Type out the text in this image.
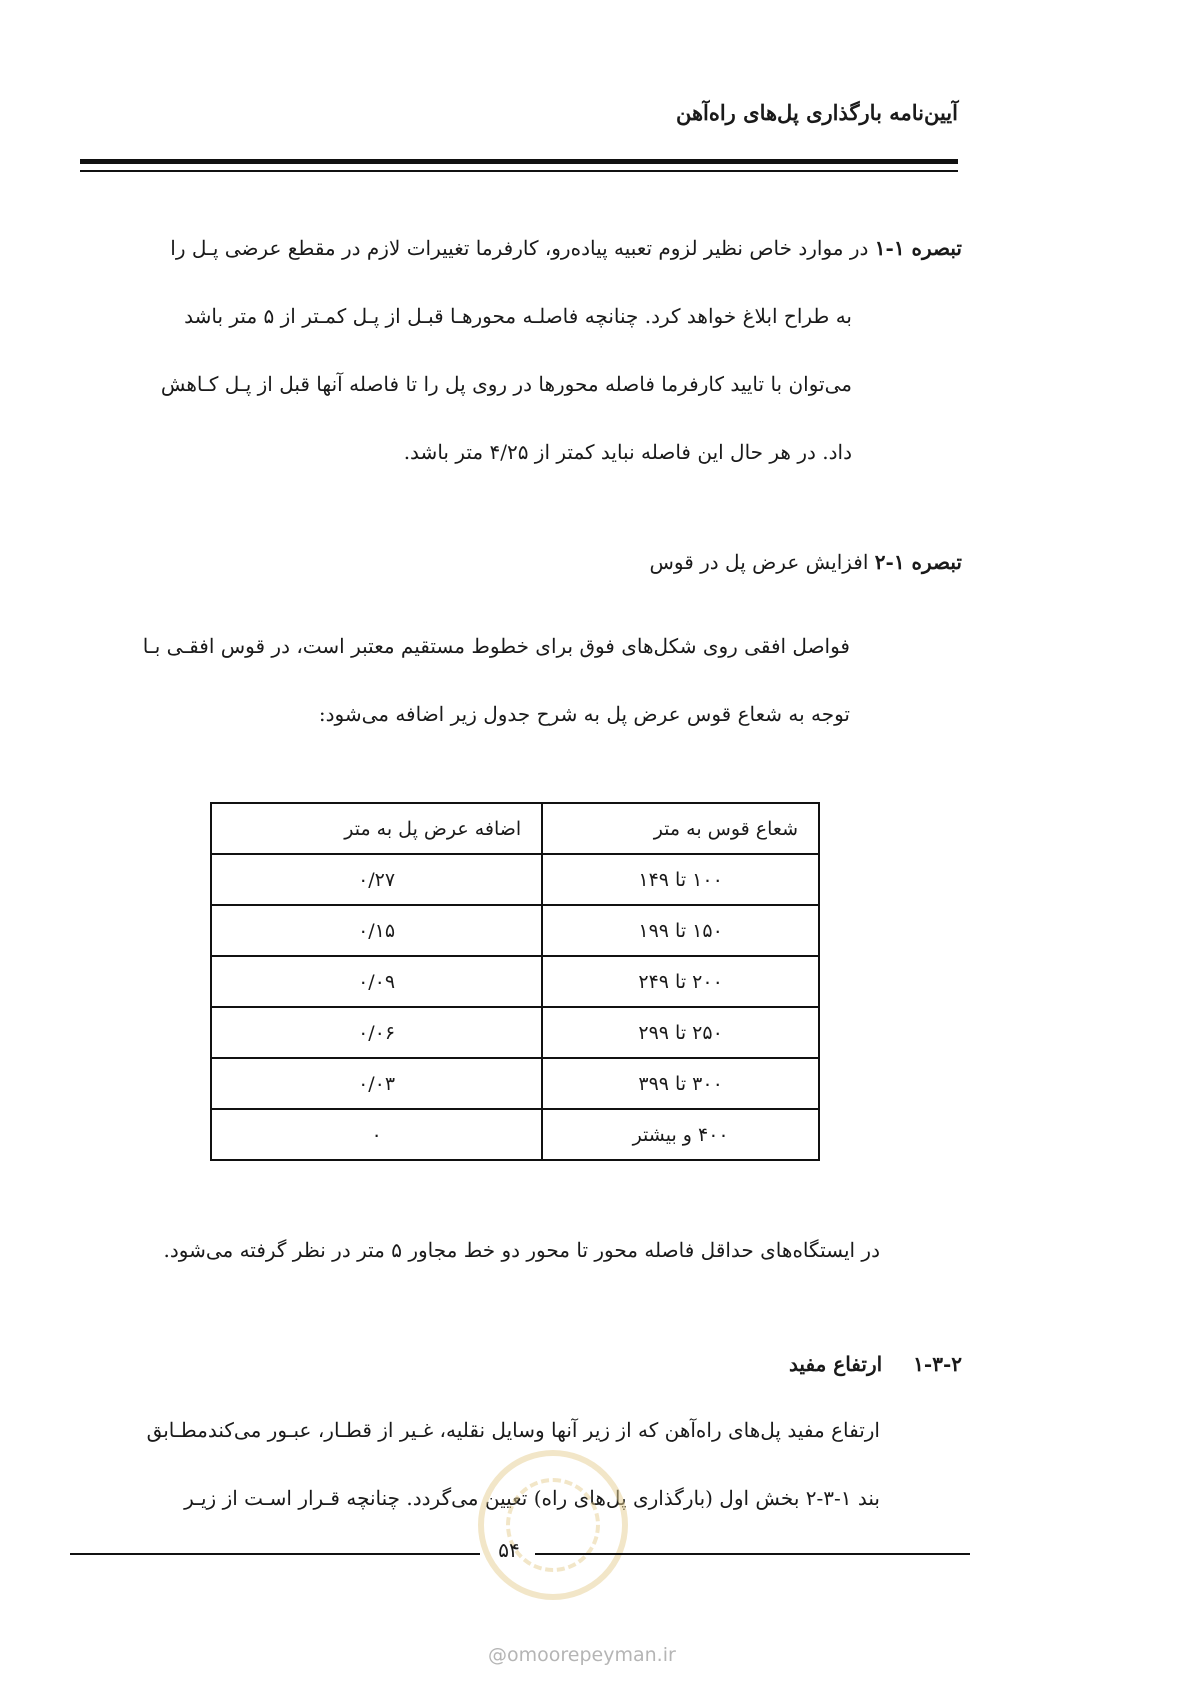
آیین‌نامه بارگذاری پل‌های راه‌آهن
تبصره ۱-۱ در موارد خاص نظیر لزوم تعبیه پیاده‌رو، کارفرما تغییرات لازم در مقطع عرضی پـل را
به طراح ابلاغ خواهد کرد. چنانچه فاصلـه محورهـا قبـل از پـل کمـتر از ۵ متر باشد
می‌توان با تایید کارفرما فاصله محورها در روی پل را تا فاصله آنها قبل از پـل کـاهش
داد. در هر حال این فاصله نباید کمتر از ۴/۲۵ متر باشد.
تبصره ۱-۲ افزایش عرض پل در قوس
فواصل افقی روی شکل‌های فوق برای خطوط مستقیم معتبر است، در قوس افقـی بـا
توجه به شعاع قوس عرض پل به شرح جدول زیر اضافه می‌شود:
شعاع قوس به متر	اضافه عرض پل به متر
۱۰۰ تا ۱۴۹	۰/۲۷
۱۵۰ تا ۱۹۹	۰/۱۵
۲۰۰ تا ۲۴۹	۰/۰۹
۲۵۰ تا ۲۹۹	۰/۰۶
۳۰۰ تا ۳۹۹	۰/۰۳
۴۰۰ و بیشتر	۰
در ایستگاه‌های حداقل فاصله محور تا محور دو خط مجاور ۵ متر در نظر گرفته می‌شود.
۱-۳-۲ ارتفاع مفید
ارتفاع مفید پل‌های راه‌آهن که از زیر آنها وسایل نقلیه، غـیر از قطـار، عبـور می‌کندمطـابق
بند ۱-۳-۲ بخش اول (بارگذاری پل‌های راه) تعیین می‌گردد. چنانچه قـرار اسـت از زیـر
۵۴
@omoorepeyman.ir
